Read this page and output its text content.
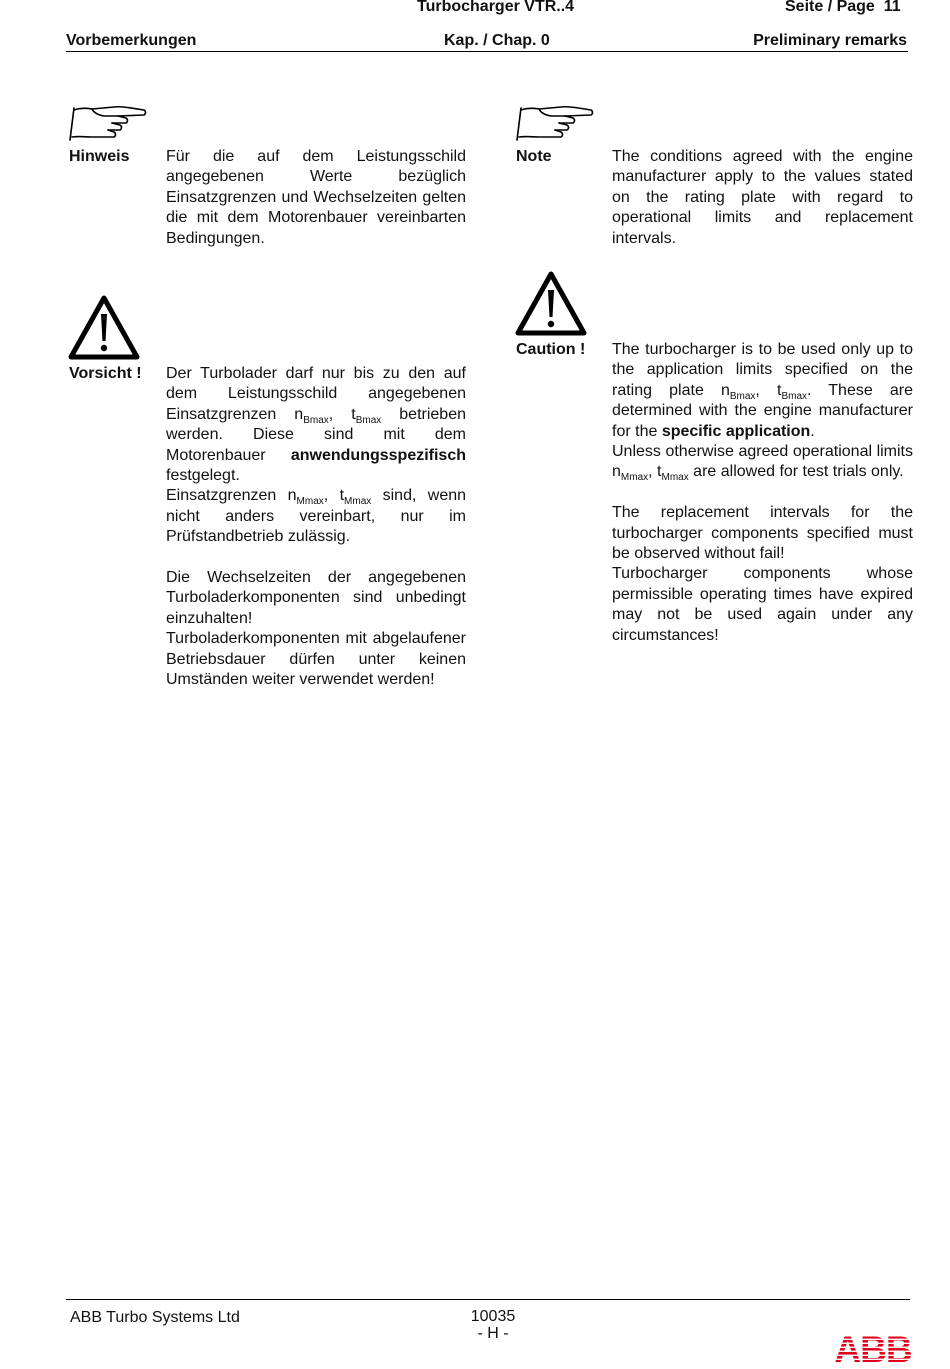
Turbocharger VTR..4	Seite / Page 11
Vorbemerkungen	Kap. / Chap. 0	Preliminary remarks
Hinweis Für die auf dem Leistungsschild angegebenen Werte bezüglich Einsatzgrenzen und Wechselzeiten gelten die mit dem Motorenbauer vereinbarten Bedingungen.

Note	The conditions agreed with the engine manufacturer apply to the values stated on the rating plate with regard to operational limits and replacement intervals.

Vorsicht ! Der Turbolader darf nur bis zu den auf dem Leistungsschild angegebenen Einsatzgrenzen $n_{Bmax}$, $t_{Bmax}$ betrieben werden. Diese sind mit dem Motorenbauer anwendungsspezifisch festgelegt.

Einsatzgrenzen $n_{Mmax}$, $t_{Mmax}$ sind, wenn nicht anders vereinbart, nur im Prüfstandbetrieb zulässig.

Die Wechselzeiten der angegebenen Turboladerkomponenten sind unbedingt einzuhalten!

Turboladerkomponenten mit abgelaufener Betriebsdauer dürfen unter keinen Umständen weiter verwendet werden!

Caution ! The turbocharger is to be used only up to the application limits specified on the rating plate $n_{Bmax}$, $t_{Bmax}$. These are determined with the engine manufacturer for the specific application.

Unless otherwise agreed operational limits $n_{Mmax}$, $t_{Mmax}$ are allowed for test trials only.

The replacement intervals for the turbocharger components specified must be observed without fail!

Turbocharger components whose permissible operating times have expired may not be used again under any circumstances!

ABB Turbo Systems Ltd	10035
- H -	ABB
